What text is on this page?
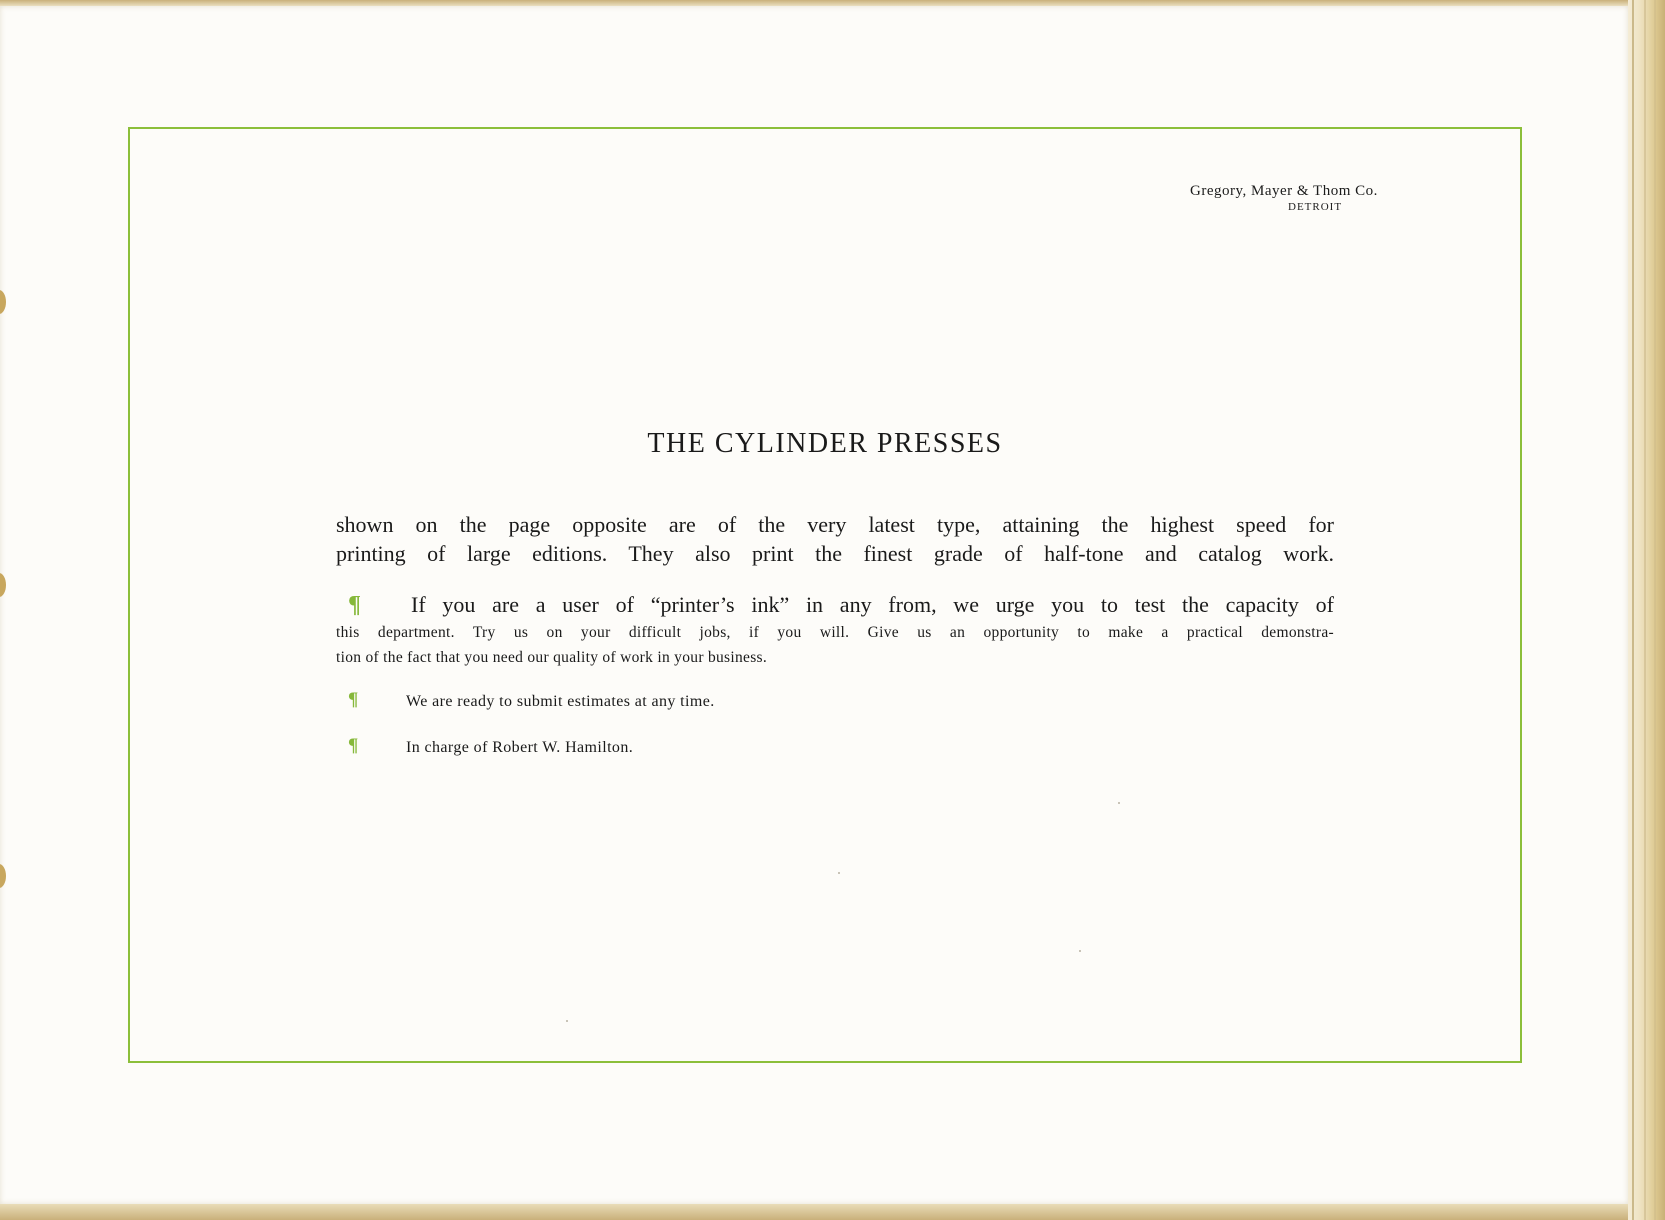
Gregory, Mayer & Thom Co.
DETROIT
THE CYLINDER PRESSES
shown on the page opposite are of the very latest type, attaining the highest speed for
printing of large editions. They also print the finest grade of half-tone and catalog work.
¶	If you are a user of “printer’s ink” in any from, we urge you to test the capacity of
this department. Try us on your difficult jobs, if you will. Give us an opportunity to make a practical demonstra-
tion of the fact that you need our quality of work in your business.
¶	We are ready to submit estimates at any time.
¶	In charge of Robert W. Hamilton.
